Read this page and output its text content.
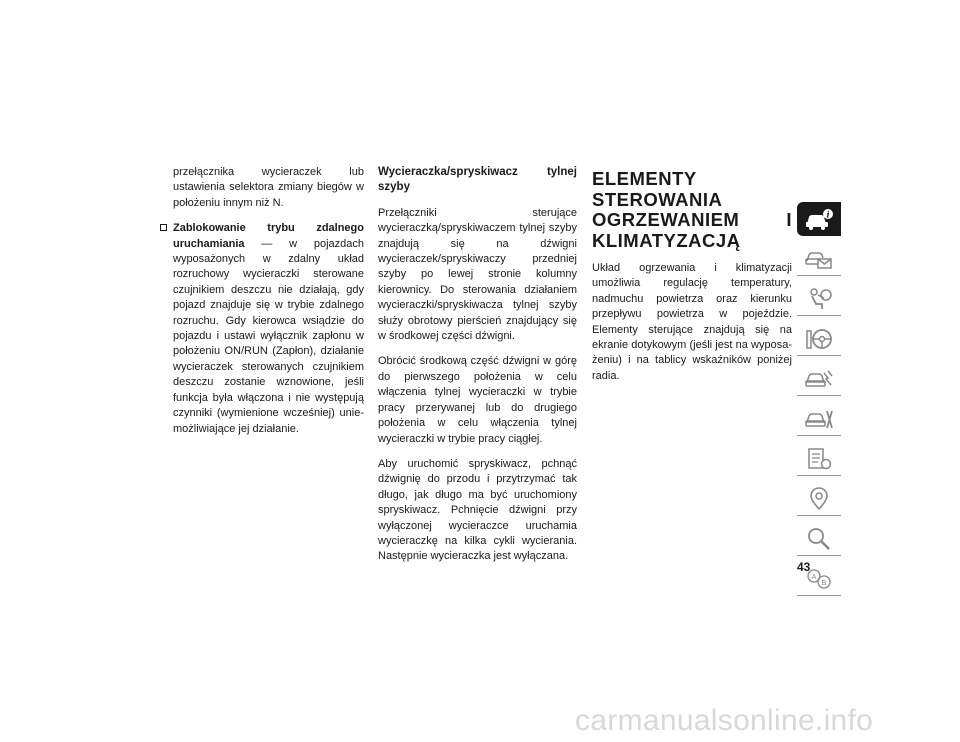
przełącznika wycieraczek lub ustawienia selektora zmiany biegów w położeniu innym niż N.

Zablokowanie trybu zdalnego uruchamiania — w pojazdach wyposażonych w zdalny układ rozruchowy wycieraczki sterowane czujnikiem deszczu nie działają, gdy pojazd znajduje się w trybie zdalnego rozruchu. Gdy kierowca wsiądzie do pojazdu i ustawi wyłącznik zapłonu w położeniu ON/RUN (Zapłon), działanie wycieraczek sterowanych czujnikiem deszczu zostanie wznowione, jeśli funkcja była włączona i nie występują czynniki (wymienione wcześniej) uniemożliwiające jej działanie.

Wycieraczka/spryskiwacz tylnej szyby

Przełączniki sterujące wycieraczką/spryskiwaczem tylnej szyby znajdują się na dźwigni wycieraczek/spryskiwaczy przedniej szyby po lewej stronie kolumny kierownicy. Do sterowania działaniem wycieraczki/spryskiwacza tylnej szyby służy obrotowy pierścień znajdujący się w środkowej części dźwigni.

Obrócić środkową część dźwigni w górę do pierwszego położenia w celu włączenia tylnej wycieraczki w trybie pracy przerywanej lub do drugiego położenia w celu włączenia tylnej wycieraczki w trybie pracy ciągłej.

Aby uruchomić spryskiwacz, pchnąć dźwignię do przodu i przytrzymać tak długo, jak długo ma być uruchomiony spryskiwacz. Pchnięcie dźwigni przy wyłączonej wycieraczce uruchamia wycieraczkę na kilka cykli wycierania. Następnie wycieraczka jest wyłączana.

ELEMENTY STEROWANIA OGRZEWANIEM I KLIMATYZACJĄ

Układ ogrzewania i klimatyzacji umożliwia regulację temperatury, nadmuchu powietrza oraz kierunku przepływu powietrza w pojeździe. Elementy sterujące znajdują się na ekranie dotykowym (jeśli jest na wyposażeniu) i na tablicy wskaźników poniżej radia.

i
A
B
43
carmanualsonline.info
